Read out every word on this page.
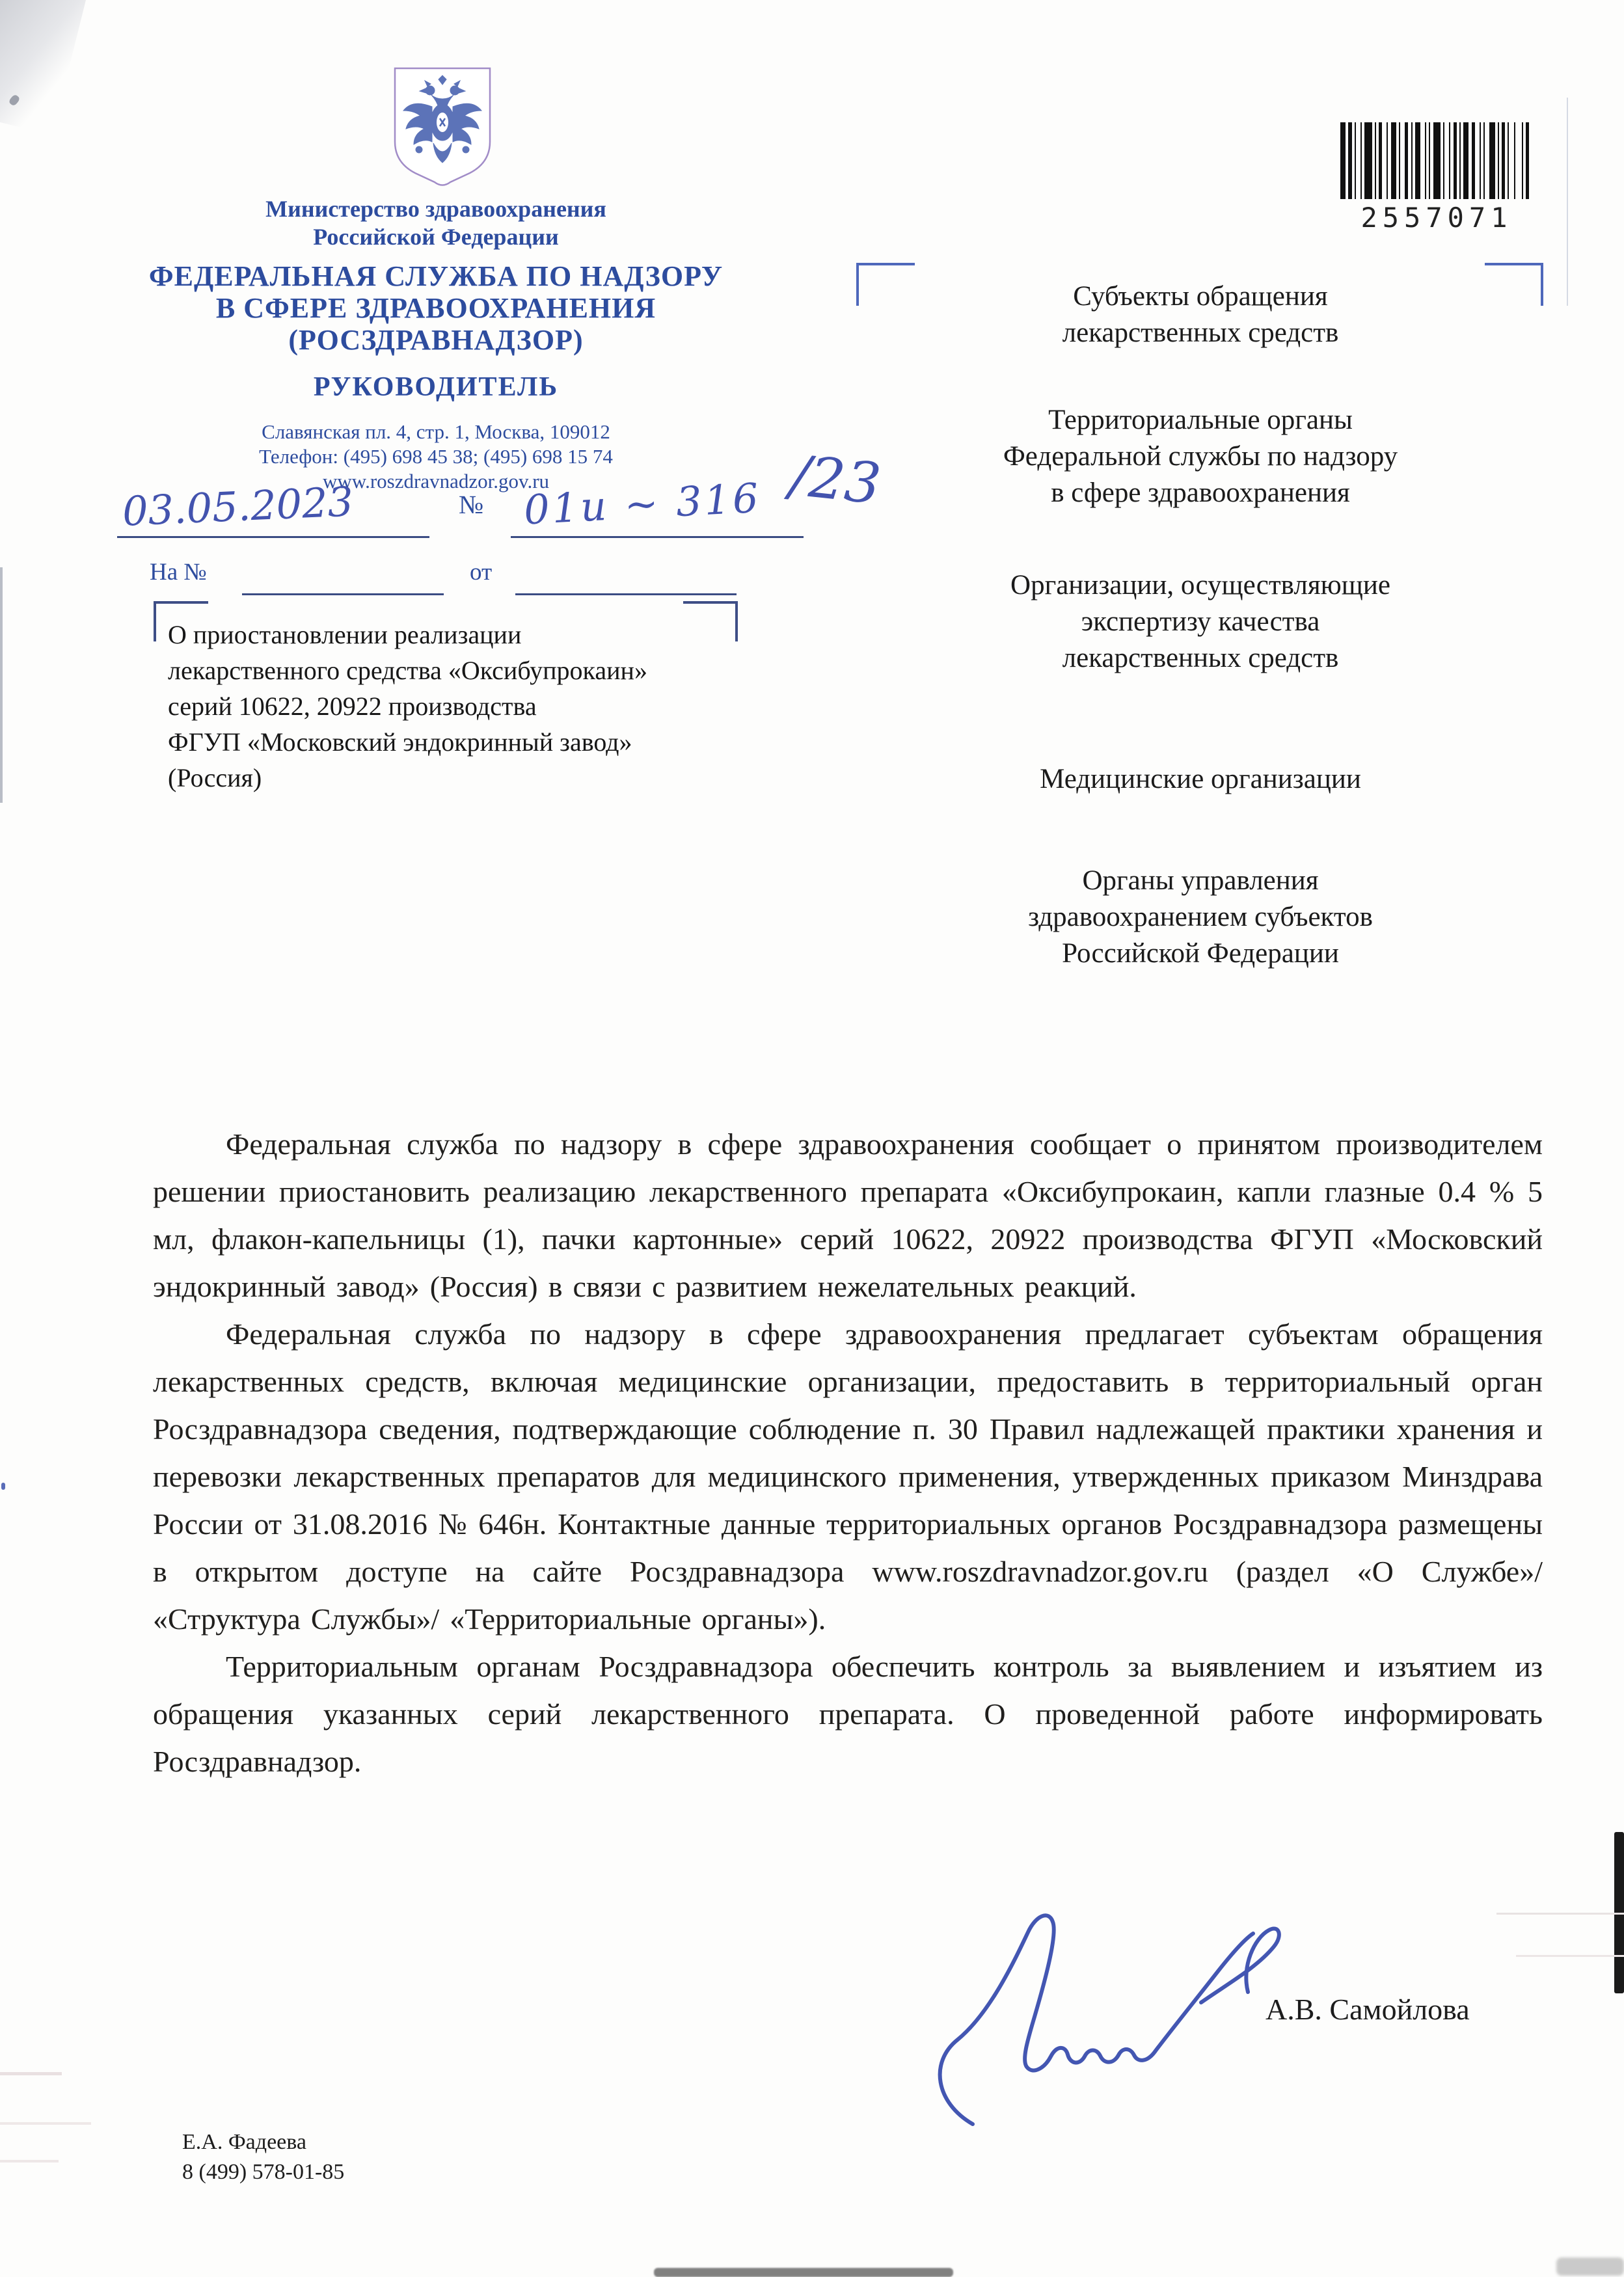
Министерство здравоохранения
Российской Федерации
ФЕДЕРАЛЬНАЯ СЛУЖБА ПО НАДЗОРУ
В СФЕРЕ ЗДРАВООХРАНЕНИЯ
(РОСЗДРАВНАДЗОР)
РУКОВОДИТЕЛЬ
Славянская пл. 4, стр. 1, Москва, 109012
Телефон: (495) 698 45 38; (495) 698 15 74
www.roszdravnadzor.gov.ru
03.05.2023	№ 01и ~ 316 /23
На №	от
2557071
О приостановлении реализации
лекарственного средства «Оксибупрокаин»
серий 10622, 20922 производства
ФГУП «Московский эндокринный завод»
(Россия)
Субъекты обращения
лекарственных средств
Территориальные органы
Федеральной службы по надзору
в сфере здравоохранения
Организации, осуществляющие
экспертизу качества
лекарственных средств
Медицинские организации
Органы управления
здравоохранением субъектов
Российской Федерации

Федеральная служба по надзору в сфере здравоохранения сообщает о принятом производителем решении приостановить реализацию лекарственного препарата «Оксибупрокаин, капли глазные 0.4 % 5 мл, флакон-капельницы (1), пачки картонные» серий 10622, 20922 производства ФГУП «Московский эндокринный завод» (Россия) в связи с развитием нежелательных реакций.

Федеральная служба по надзору в сфере здравоохранения предлагает субъектам обращения лекарственных средств, включая медицинские организации, предоставить в территориальный орган Росздравнадзора сведения, подтверждающие соблюдение п. 30 Правил надлежащей практики хранения и перевозки лекарственных препаратов для медицинского применения, утвержденных приказом Минздрава России от 31.08.2016 № 646н. Контактные данные территориальных органов Росздравнадзора размещены в открытом доступе на сайте Росздравнадзора www.roszdravnadzor.gov.ru (раздел «О Службе»/ «Структура Службы»/ «Территориальные органы»).

Территориальным органам Росздравнадзора обеспечить контроль за выявлением и изъятием из обращения указанных серий лекарственного препарата. О проведенной работе информировать Росздравнадзор.

А.В. Самойлова
Е.А. Фадеева
8 (499) 578-01-85
